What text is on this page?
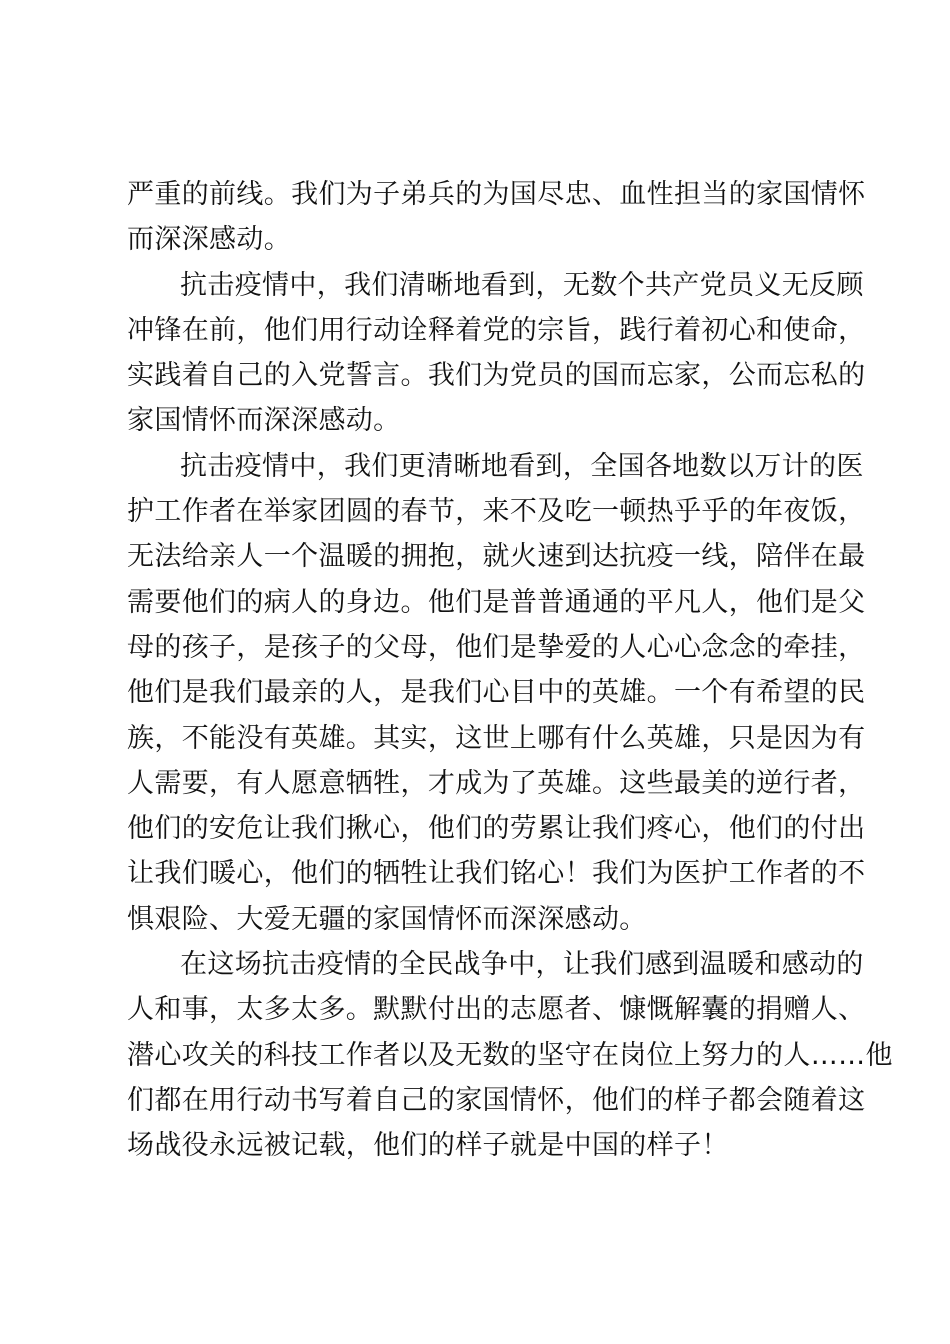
严重的前线。我们为子弟兵的为国尽忠、血性担当的家国情怀
而深深感动。
抗击疫情中，我们清晰地看到，无数个共产党员义无反顾
冲锋在前，他们用行动诠释着党的宗旨，践行着初心和使命，
实践着自己的入党誓言。我们为党员的国而忘家，公而忘私的
家国情怀而深深感动。
抗击疫情中，我们更清晰地看到，全国各地数以万计的医
护工作者在举家团圆的春节，来不及吃一顿热乎乎的年夜饭，
无法给亲人一个温暖的拥抱，就火速到达抗疫一线，陪伴在最
需要他们的病人的身边。他们是普普通通的平凡人，他们是父
母的孩子，是孩子的父母，他们是挚爱的人心心念念的牵挂，
他们是我们最亲的人，是我们心目中的英雄。一个有希望的民
族，不能没有英雄。其实，这世上哪有什么英雄，只是因为有
人需要，有人愿意牺牲，才成为了英雄。这些最美的逆行者，
他们的安危让我们揪心，他们的劳累让我们疼心，他们的付出
让我们暖心，他们的牺牲让我们铭心！我们为医护工作者的不
惧艰险、大爱无疆的家国情怀而深深感动。
在这场抗击疫情的全民战争中，让我们感到温暖和感动的
人和事，太多太多。默默付出的志愿者、慷慨解囊的捐赠人、
潜心攻关的科技工作者以及无数的坚守在岗位上努力的人……他
们都在用行动书写着自己的家国情怀，他们的样子都会随着这
场战役永远被记载，他们的样子就是中国的样子！
